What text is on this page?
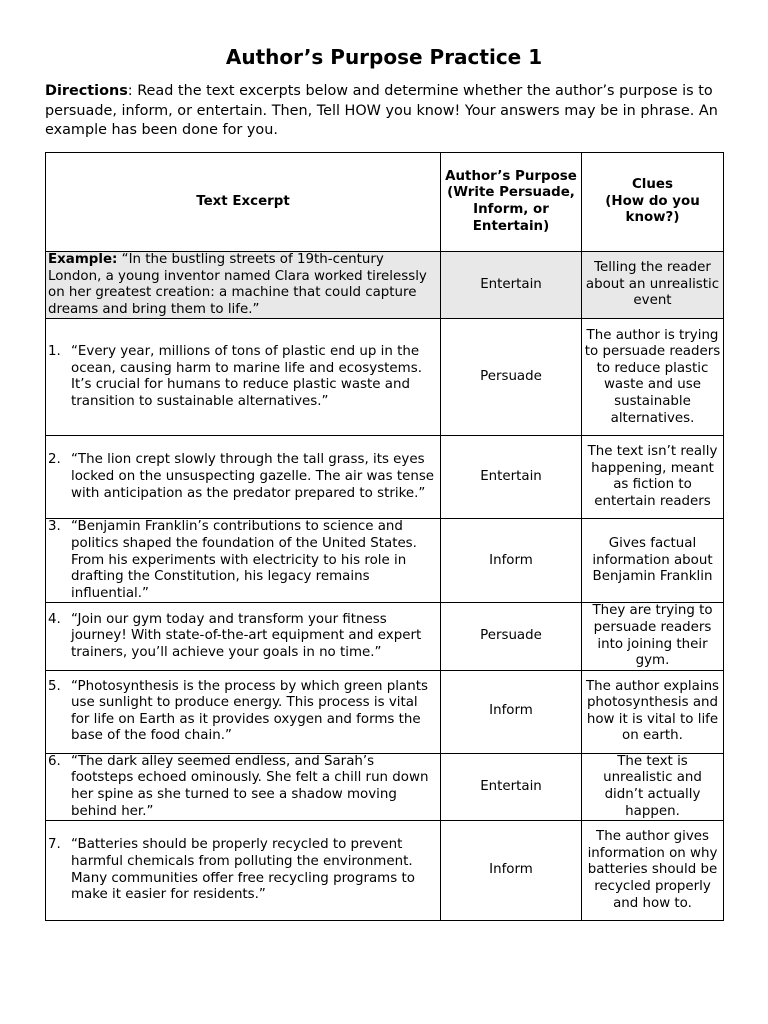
Author’s Purpose Practice 1

Directions: Read the text excerpts below and determine whether the author’s purpose is to persuade, inform, or entertain. Then, Tell HOW you know! Your answers may be in phrase. An example has been done for you.

Text Excerpt	Author’s Purpose (Write Persuade, Inform, or Entertain)	Clues
(How do you know?)
Example: “In the bustling streets of 19th-century London, a young inventor named Clara worked tirelessly on her greatest creation: a machine that could capture dreams and bring them to life.”	Entertain	Telling the reader about an unrealistic event

1. “Every year, millions of tons of plastic end up in the ocean, causing harm to marine life and ecosystems. It’s crucial for humans to reduce plastic waste and transition to sustainable alternatives.”	Persuade	The author is trying to persuade readers to reduce plastic waste and use sustainable alternatives.

2. “The lion crept slowly through the tall grass, its eyes locked on the unsuspecting gazelle. The air was tense with anticipation as the predator prepared to strike.”	Entertain	The text isn’t really happening, meant as fiction to entertain readers

3. “Benjamin Franklin’s contributions to science and politics shaped the foundation of the United States. From his experiments with electricity to his role in drafting the Constitution, his legacy remains influential.”	Inform	Gives factual information about Benjamin Franklin

4. “Join our gym today and transform your fitness journey! With state-of-the-art equipment and expert trainers, you’ll achieve your goals in no time.”	Persuade	They are trying to persuade readers into joining their gym.

5. “Photosynthesis is the process by which green plants use sunlight to produce energy. This process is vital for life on Earth as it provides oxygen and forms the base of the food chain.”	Inform	The author explains photosynthesis and how it is vital to life on earth.

6. “The dark alley seemed endless, and Sarah’s footsteps echoed ominously. She felt a chill run down her spine as she turned to see a shadow moving behind her.”	Entertain	The text is unrealistic and didn’t actually happen.

7. “Batteries should be properly recycled to prevent harmful chemicals from polluting the environment. Many communities offer free recycling programs to make it easier for residents.”	Inform	The author gives information on why batteries should be recycled properly and how to.
